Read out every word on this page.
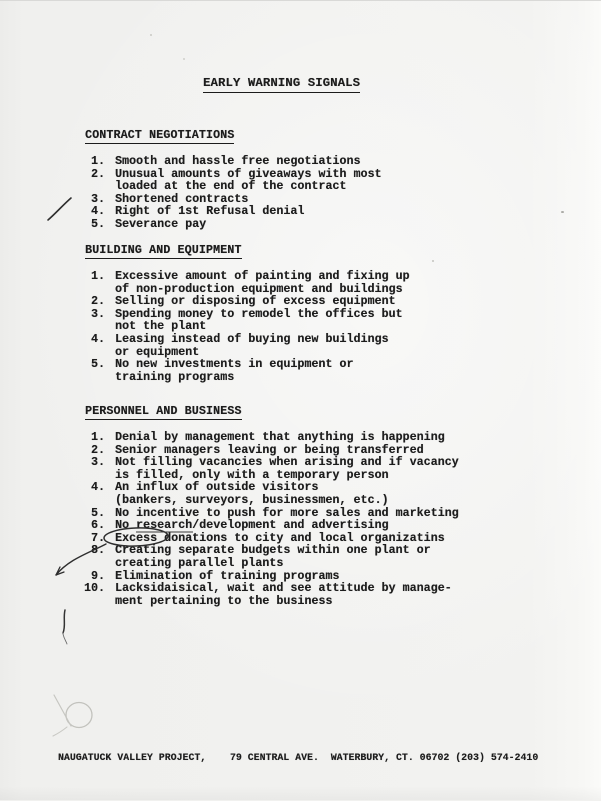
EARLY WARNING SIGNALS
CONTRACT NEGOTIATIONS
1. Smooth and hassle free negotiations
2. Unusual amounts of giveaways with most
loaded at the end of the contract
3. Shortened contracts
4. Right of 1st Refusal denial
5. Severance pay
BUILDING AND EQUIPMENT
1. Excessive amount of painting and fixing up
of non-production equipment and buildings
2. Selling or disposing of excess equipment
3. Spending money to remodel the offices but
not the plant
4. Leasing instead of buying new buildings
or equipment
5. No new investments in equipment or
training programs
PERSONNEL AND BUSINESS
1. Denial by management that anything is happening
2. Senior managers leaving or being transferred
3. Not filling vacancies when arising and if vacancy
is filled, only with a temporary person
4. An influx of outside visitors
(bankers, surveyors, businessmen, etc.)
5. No incentive to push for more sales and marketing
6. No research/development and advertising
7. Excess donations to city and local organizatins
8. Creating separate budgets within one plant or
creating parallel plants
9. Elimination of training programs
10. Lacksidaisical, wait and see attitude by manage-
ment pertaining to the business
NAUGATUCK VALLEY PROJECT,    79 CENTRAL AVE.  WATERBURY, CT. 06702 (203) 574-2410
